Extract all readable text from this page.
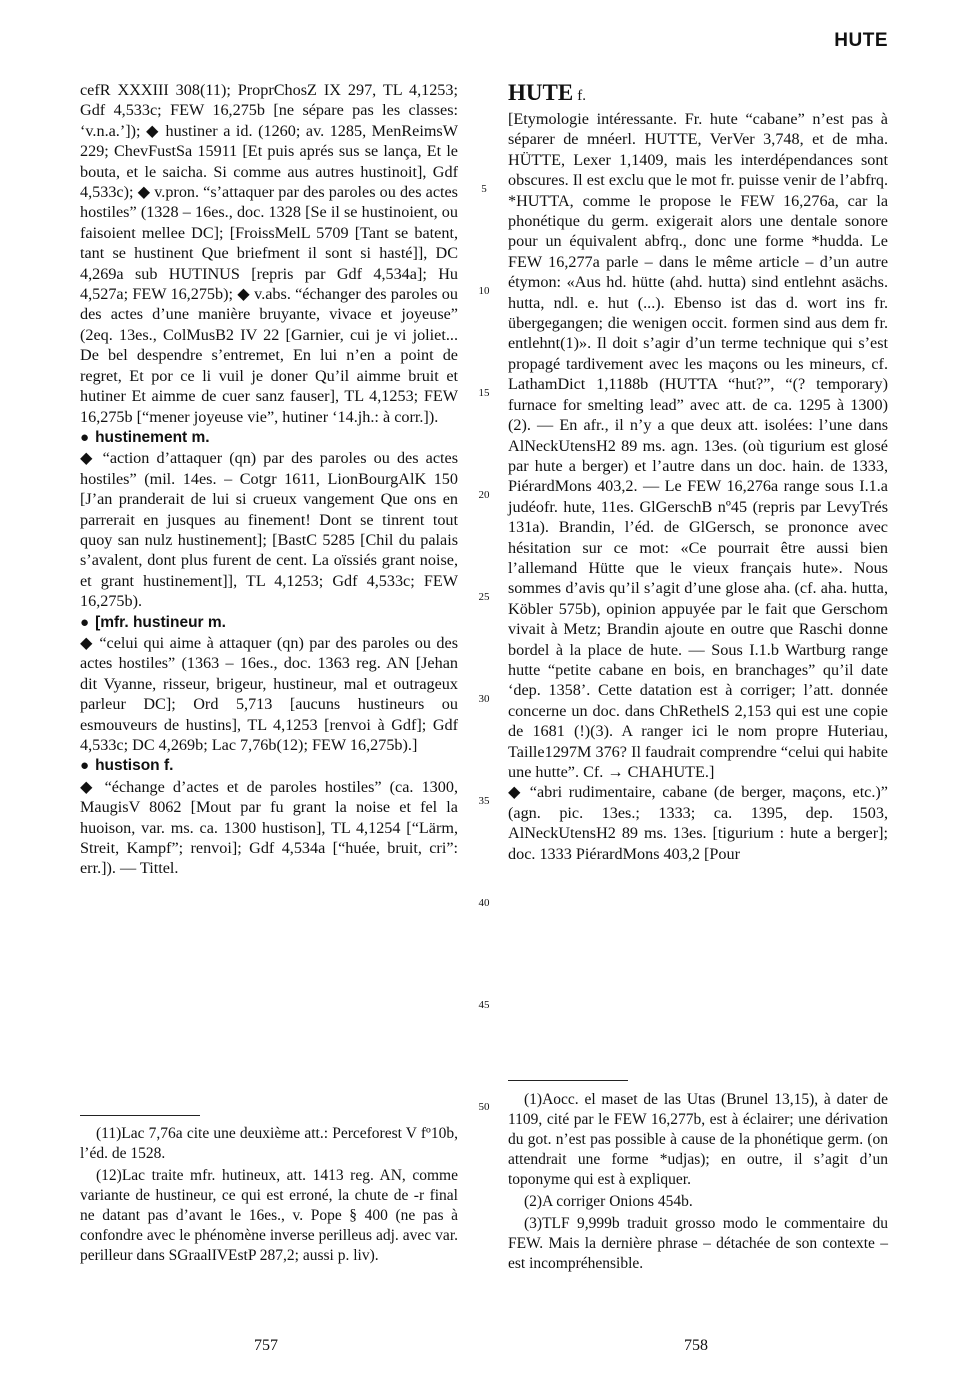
HUTE

cefR XXXIII 308(11); ProprChosZ IX 297, TL 4,1253; Gdf 4,533c; FEW 16,275b [ne sépare pas les classes: ‘v.n.a.’]); ◆ hustiner a id. (1260; av. 1285, MenReimsW 229; ChevFustSa 15911 [Et puis aprés sus se lança, Et le bouta, et le saicha. Si comme aus autres hustinoit], Gdf 4,533c); ◆ v.pron. “s’attaquer par des paroles ou des actes hostiles” (1328 – 16es., doc. 1328 [Se il se hustinoient, ou faisoient mellee DC]; [FroissMelL 5709 [Tant se batent, tant se hustinent Que briefment il sont si hasté]], DC 4,269a sub HUTINUS [repris par Gdf 4,534a]; Hu 4,527a; FEW 16,275b); ◆ v.abs. “échanger des paroles ou des actes d’une manière bruyante, vivace et joyeuse” (2eq. 13es., ColMusB2 IV 22 [Garnier, cui je vi joliet... De bel despendre s’entremet, En lui n’en a point de regret, Et por ce li vuil je doner Qu’il aimme bruit et hutiner Et aimme de cuer sanz fauser], TL 4,1253; FEW 16,275b [“mener joyeuse vie”, hutiner ‘14.jh.: à corr.]).

● hustinement m.

◆ “action d’attaquer (qn) par des paroles ou des actes hostiles” (mil. 14es. – Cotgr 1611, LionBourgAlK 150 [J’an pranderait de lui si crueux vangement Que ons en parrerait en jusques au finement! Dont se tinrent tout quoy san nulz hustinement]; [BastC 5285 [Chil du palais s’avalent, dont plus furent de cent. La oïssiés grant noise, et grant hustinement]], TL 4,1253; Gdf 4,533c; FEW 16,275b).

● [mfr. hustineur m.

◆ “celui qui aime à attaquer (qn) par des paroles ou des actes hostiles” (1363 – 16es., doc. 1363 reg. AN [Jehan dit Vyanne, risseur, brigeur, hustineur, mal et outrageux parleur DC]; Ord 5,713 [aucuns hustineurs ou esmouveurs de hustins], TL 4,1253 [renvoi à Gdf]; Gdf 4,533c; DC 4,269b; Lac 7,76b(12); FEW 16,275b).]

● hustison f.

◆ “échange d’actes et de paroles hostiles” (ca. 1300, MaugisV 8062 [Mout par fu grant la noise et fel la huoison, var. ms. ca. 1300 hustison], TL 4,1254 [“Lärm, Streit, Kampf”; renvoi]; Gdf 4,534a [“huée, bruit, cri”: err.]). — Tittel.

(11)Lac 7,76a cite une deuxième att.: Perceforest V fº10b, l’éd. de 1528.

(12)Lac traite mfr. hutineux, att. 1413 reg. AN, comme variante de hustineur, ce qui est erroné, la chute de -r final ne datant pas d’avant le 16es., v. Pope § 400 (ne pas à confondre avec le phénomène inverse perilleus adj. avec var. perilleur dans SGraalIVEstP 287,2; aussi p. liv).

5
10
15
20
25
30
35
40
45
50
HUTE f.

[Etymologie intéressante. Fr. hute “cabane” n’est pas à séparer de mnéerl. HUTTE, VerVer 3,748, et de mha. HÜTTE, Lexer 1,1409, mais les interdépendances sont obscures. Il est exclu que le mot fr. puisse venir de l’abfrq. *HUTTA, comme le propose le FEW 16,276a, car la phonétique du germ. exigerait alors une dentale sonore pour un équivalent abfrq., donc une forme *hudda. Le FEW 16,277a parle – dans le même article – d’un autre étymon: «Aus hd. hütte (ahd. hutta) sind entlehnt asächs. hutta, ndl. e. hut (...). Ebenso ist das d. wort ins fr. übergegangen; die wenigen occit. formen sind aus dem fr. entlehnt(1)». Il doit s’agir d’un terme technique qui s’est propagé tardivement avec les maçons ou les mineurs, cf. LathamDict 1,1188b (HUTTA “hut?”, “(? temporary) furnace for smelting lead” avec att. de ca. 1295 à 1300)(2). — En afr., il n’y a que deux att. isolées: l’une dans AlNeckUtensH2 89 ms. agn. 13es. (où tigurium est glosé par hute a berger) et l’autre dans un doc. hain. de 1333, PiérardMons 403,2. — Le FEW 16,276a range sous I.1.a judéofr. hute, 11es. GlGerschB nº45 (repris par LevyTrés 131a). Brandin, l’éd. de GlGersch, se prononce avec hésitation sur ce mot: «Ce pourrait être aussi bien l’allemand Hütte que le vieux français hute». Nous sommes d’avis qu’il s’agit d’une glose aha. (cf. aha. hutta, Köbler 575b), opinion appuyée par le fait que Gerschom vivait à Metz; Brandin ajoute en outre que Raschi donne bordel à la place de hute. — Sous I.1.b Wartburg range hutte “petite cabane en bois, en branchages” qu’il date ‘dep. 1358’. Cette datation est à corriger; l’att. donnée concerne un doc. dans ChRethelS 2,153 qui est une copie de 1681 (!)(3). A ranger ici le nom propre Huteriau, Taille1297M 376? Il faudrait comprendre “celui qui habite une hutte”. Cf. → CHAHUTE.]

◆ “abri rudimentaire, cabane (de berger, maçons, etc.)” (agn. pic. 13es.; 1333; ca. 1395, dep. 1503, AlNeckUtensH2 89 ms. 13es. [tigurium : hute a berger]; doc. 1333 PiérardMons 403,2 [Pour

(1)Aocc. el maset de las Utas (Brunel 13,15), à dater de 1109, cité par le FEW 16,277b, est à éclairer; une dérivation du got. n’est pas possible à cause de la phonétique germ. (on attendrait une forme *udjas); en outre, il s’agit d’un toponyme qui est à expliquer.

(2)A corriger Onions 454b.

(3)TLF 9,999b traduit grosso modo le commentaire du FEW. Mais la dernière phrase – détachée de son contexte – est incompréhensible.

757	758
